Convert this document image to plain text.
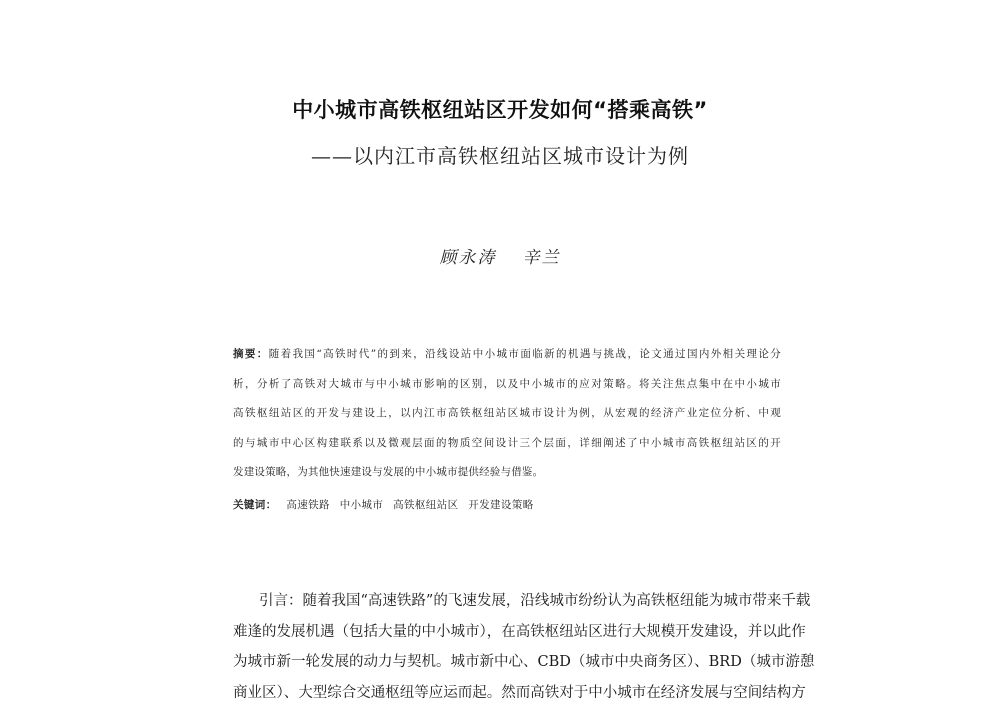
中小城市高铁枢纽站区开发如何“搭乘高铁”
——以内江市高铁枢纽站区城市设计为例
顾永涛 辛兰
摘要：随着我国“高铁时代”的到来，沿线设站中小城市面临新的机遇与挑战，论文通过国内外相关理论分
析，分析了高铁对大城市与中小城市影响的区别，以及中小城市的应对策略。将关注焦点集中在中小城市
高铁枢纽站区的开发与建设上，以内江市高铁枢纽站区城市设计为例，从宏观的经济产业定位分析、中观
的与城市中心区构建联系以及微观层面的物质空间设计三个层面，详细阐述了中小城市高铁枢纽站区的开
发建设策略，为其他快速建设与发展的中小城市提供经验与借鉴。
关键词： 高速铁路 中小城市 高铁枢纽站区 开发建设策略
引言：随着我国“高速铁路”的飞速发展，沿线城市纷纷认为高铁枢纽能为城市带来千载
难逢的发展机遇（包括大量的中小城市），在高铁枢纽站区进行大规模开发建设，并以此作
为城市新一轮发展的动力与契机。城市新中心、CBD（城市中央商务区）、BRD（城市游憩
商业区）、大型综合交通枢纽等应运而起。然而高铁对于中小城市在经济发展与空间结构方
